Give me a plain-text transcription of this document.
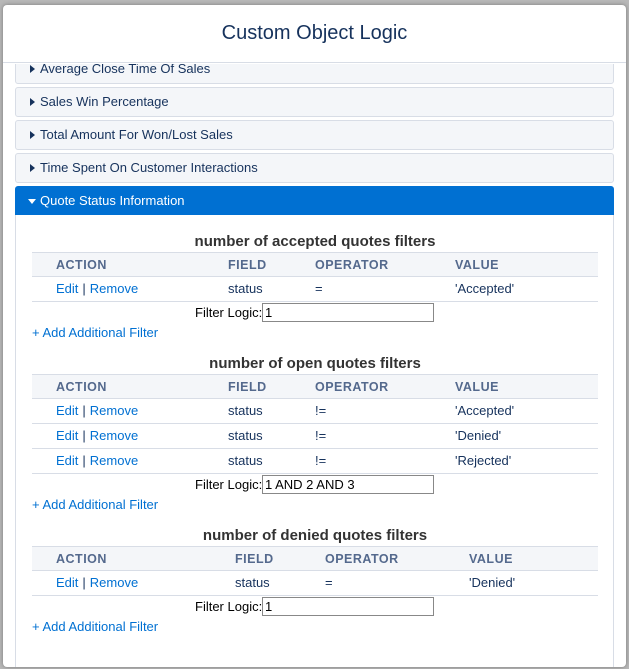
Custom Object Logic
Average Close Time Of Sales
Sales Win Percentage
Total Amount For Won/Lost Sales
Time Spent On Customer Interactions
Quote Status Information
number of accepted quotes filters
ACTION	FIELD	OPERATOR	VALUE
Edit | Remove	status	=	'Accepted'
Filter Logic:
1
+ Add Additional Filter
number of open quotes filters
ACTION	FIELD	OPERATOR	VALUE
Edit | Remove	status	!=	'Accepted'
Edit | Remove	status	!=	'Denied'
Edit | Remove	status	!=	'Rejected'
Filter Logic:
1 AND 2 AND 3
+ Add Additional Filter
number of denied quotes filters
ACTION	FIELD	OPERATOR	VALUE
Edit | Remove	status	=	'Denied'
Filter Logic:
1
+ Add Additional Filter
